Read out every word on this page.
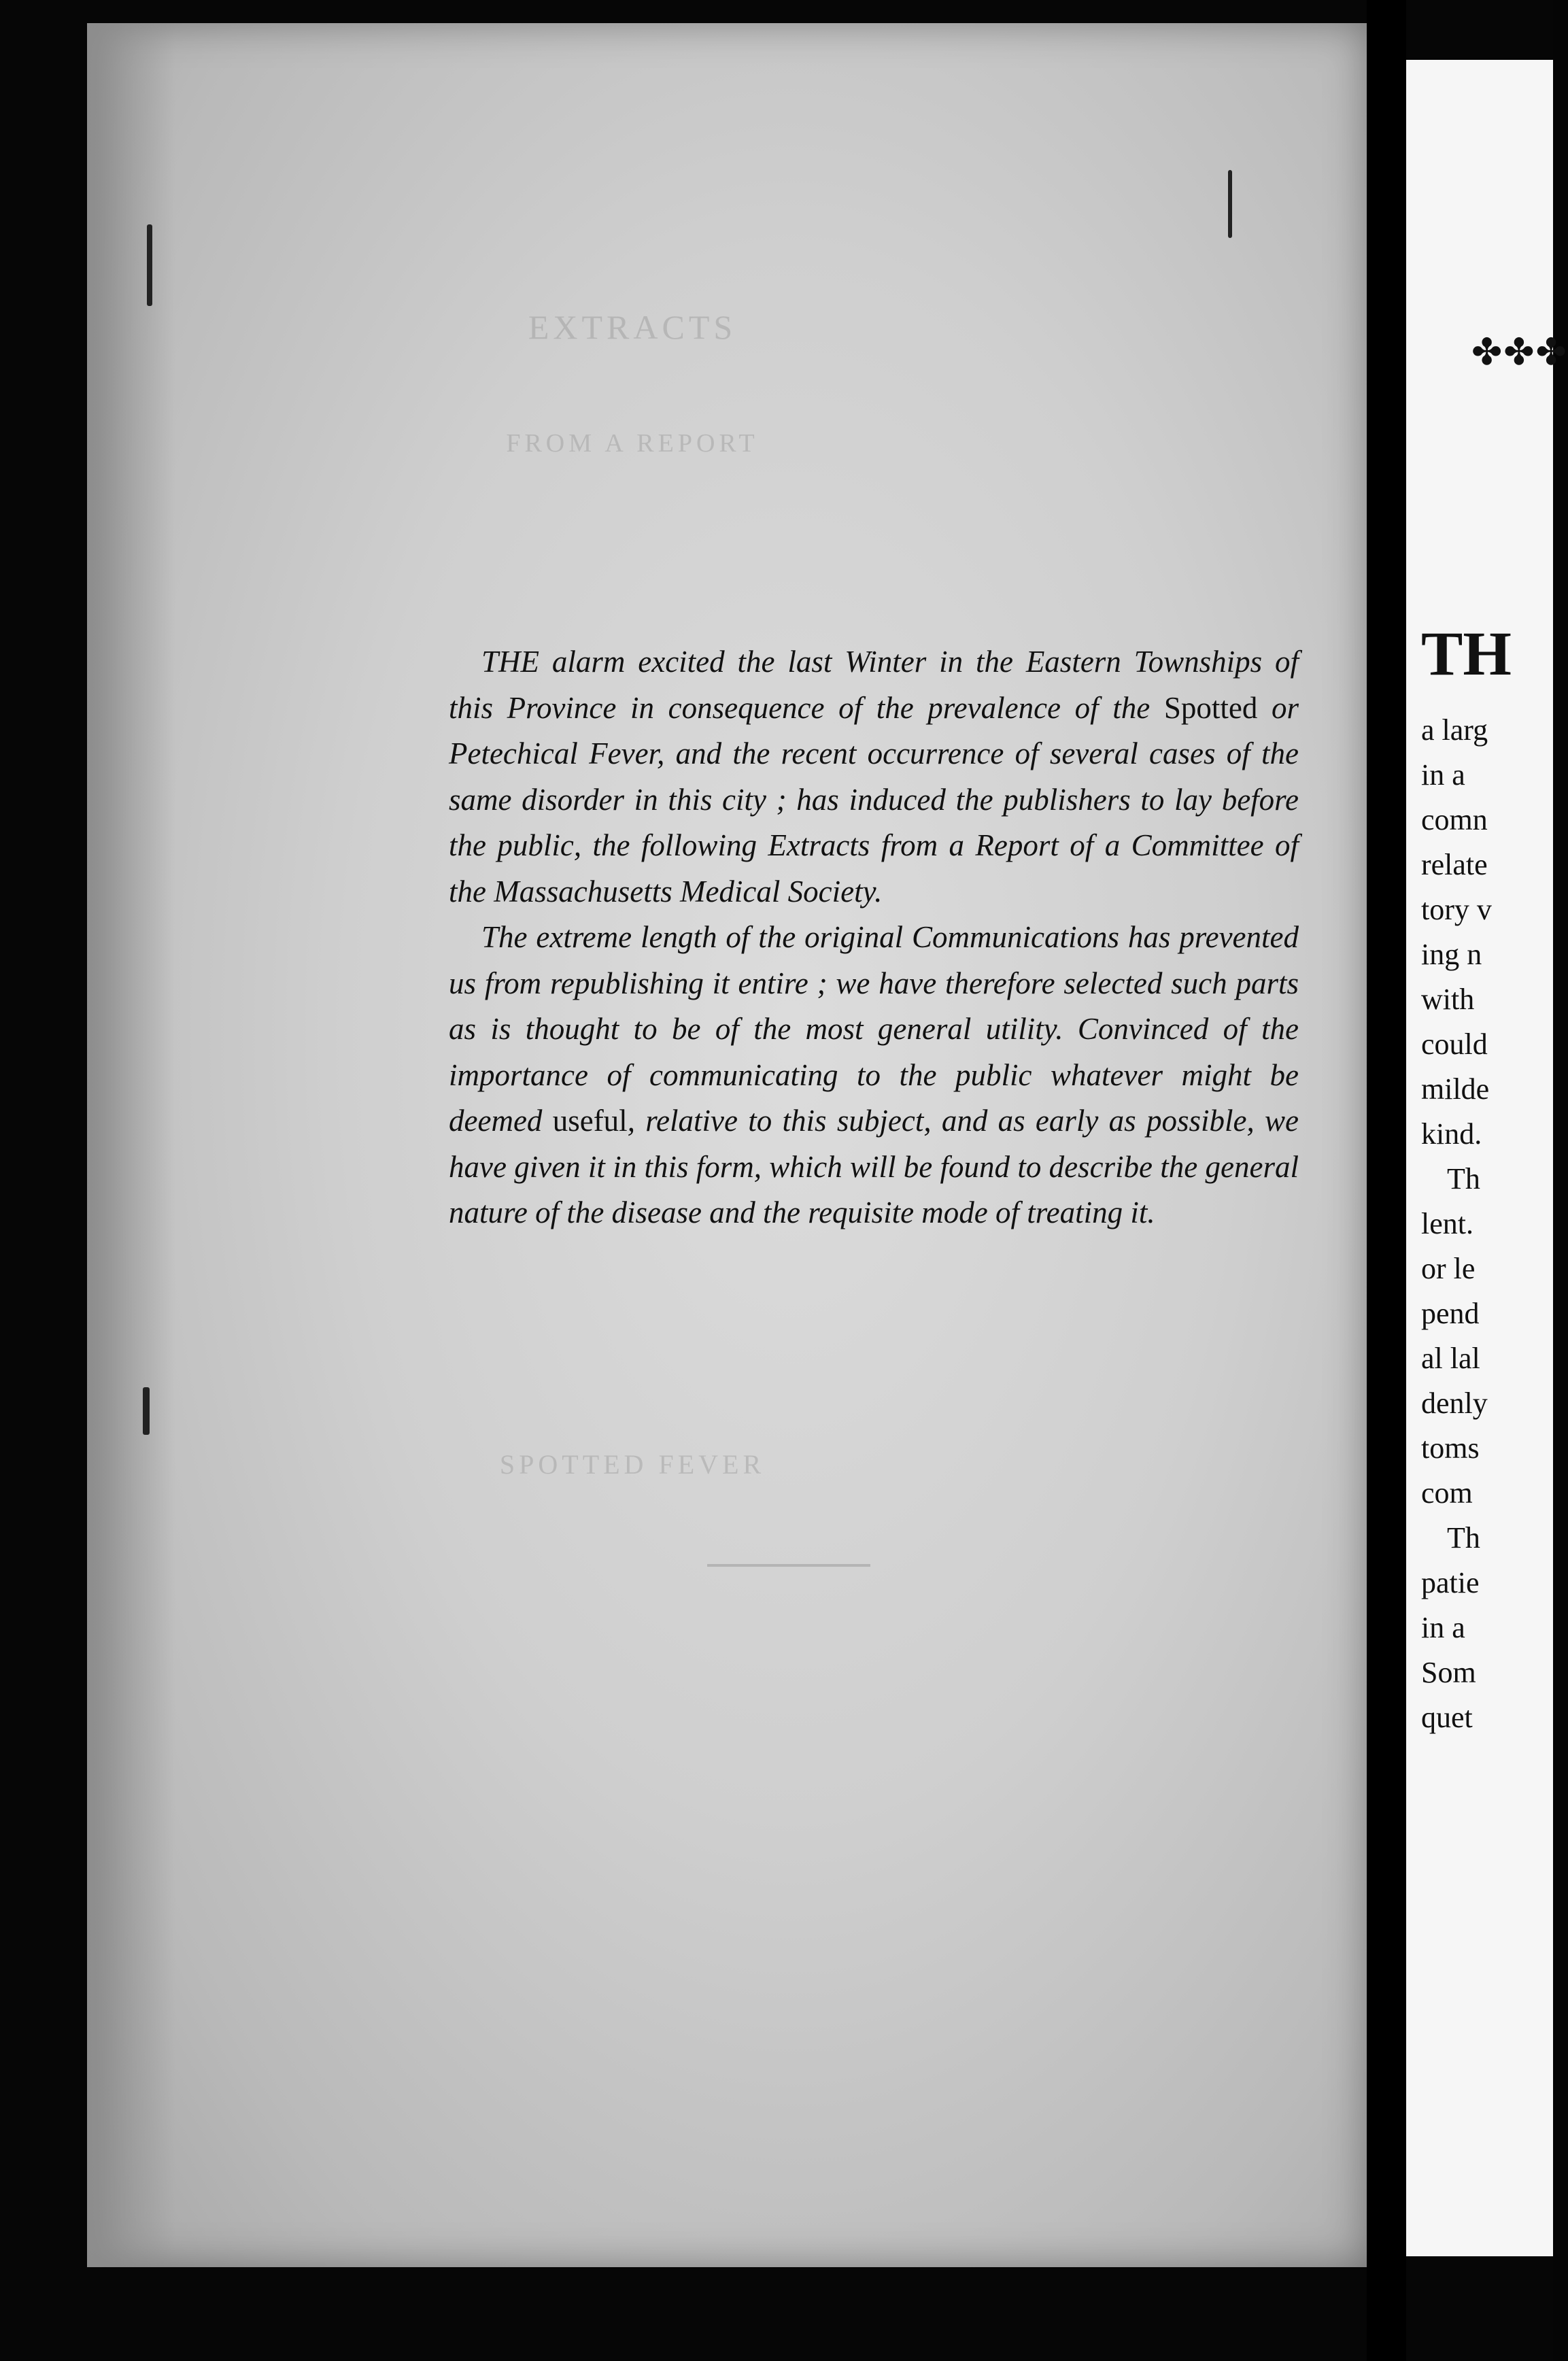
EXTRACTS
FROM A REPORT
SPOTTED FEVER

THE alarm excited the last Winter in the Eastern Townships of this Province in consequence of the prevalence of the Spotted or Petechical Fever, and the recent occurrence of several cases of the same disorder in this city ; has induced the publishers to lay before the public, the following Extracts from a Report of a Committee of the Massachusetts Medical Society.

The extreme length of the original Communications has prevented us from republishing it entire ; we have therefore selected such parts as is thought to be of the most general utility. Convinced of the importance of communicating to the public whatever might be deemed useful, relative to this subject, and as early as possible, we have given it in this form, which will be found to describe the general nature of the disease and the requisite mode of treating it.

✤✤✤
TH
a larg
in a
comn
relate
tory v
ing n
with
could
milde
kind.
Th
lent.
or le
pend
al lal
denly
toms
com
Th
patie
in a
Som
quet
